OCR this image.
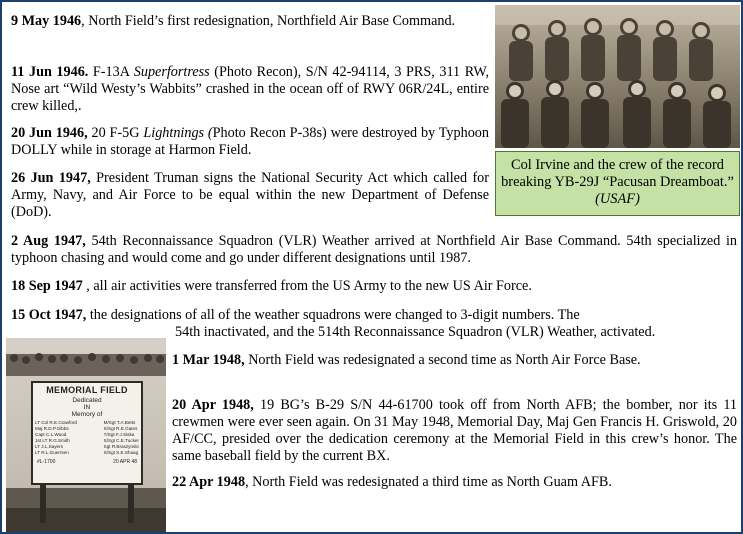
9 May 1946, North Field’s first redesignation, Northfield Air Base Command.

11 Jun 1946. F-13A Superfortress (Photo Recon), S/N 42-94114, 3 PRS, 311 RW, Nose art “Wild Westy’s Wabbits” crashed in the ocean off of RWY 06R/24L, entire crew killed,.

20 Jun 1946, 20 F-5G Lightnings (Photo Recon P-38s) were destroyed by Typhoon DOLLY while in storage at Harmon Field.

26 Jun 1947, President Truman signs the National Security Act which called for Army, Navy, and Air Force to be equal within the new Department of Defense (DoD).

2 Aug 1947, 54th Reconnaissance Squadron (VLR) Weather arrived at Northfield Air Base Command. 54th specialized in typhoon chasing and would come and go under different designations until 1987.

18 Sep 1947 , all air activities were transferred from the US Army to the new US Air Force.

15 Oct 1947, the designations of all of the weather squadrons were changed to 3-digit numbers. The
54th inactivated, and the 514th Reconnaissance Squadron (VLR) Weather, activated.

1 Mar 1948, North Field was redesignated a second time as North Air Force Base.

20 Apr 1948, 19 BG’s B-29 S/N 44-61700 took off from North AFB; the bomber, nor its 11 crewmen were ever seen again. On 31 May 1948, Memorial Day, Maj Gen Francis H. Griswold, 20 AF/CC, presided over the dedication ceremony at the Memorial Field in this crew’s honor. The same baseball field by the current BX.

22 Apr 1948, North Field was redesignated a third time as North Guam AFB.

Col Irvine and the crew of the record breaking YB-29J “Pacusan Dreamboat.” (USAF)
MEMORIAL FIELD
Dedicated
IN
Memory of
LT Col R.E.Crawford
Maj R.D.P.Gibbs
Capt C.L.Wood
1st LT R.G.Smith
LT J.L.Sayers
LT R.L.Guerrsen
M/Sgt T.A.Betts
S/Sgt R.E.Gates
T/Sgt F.J.Siska
S/Sgt C.E.Tucker
Sgt R.Braszynski
S/Sgt S.E.Shaag
#L-1700	20 APR 48
